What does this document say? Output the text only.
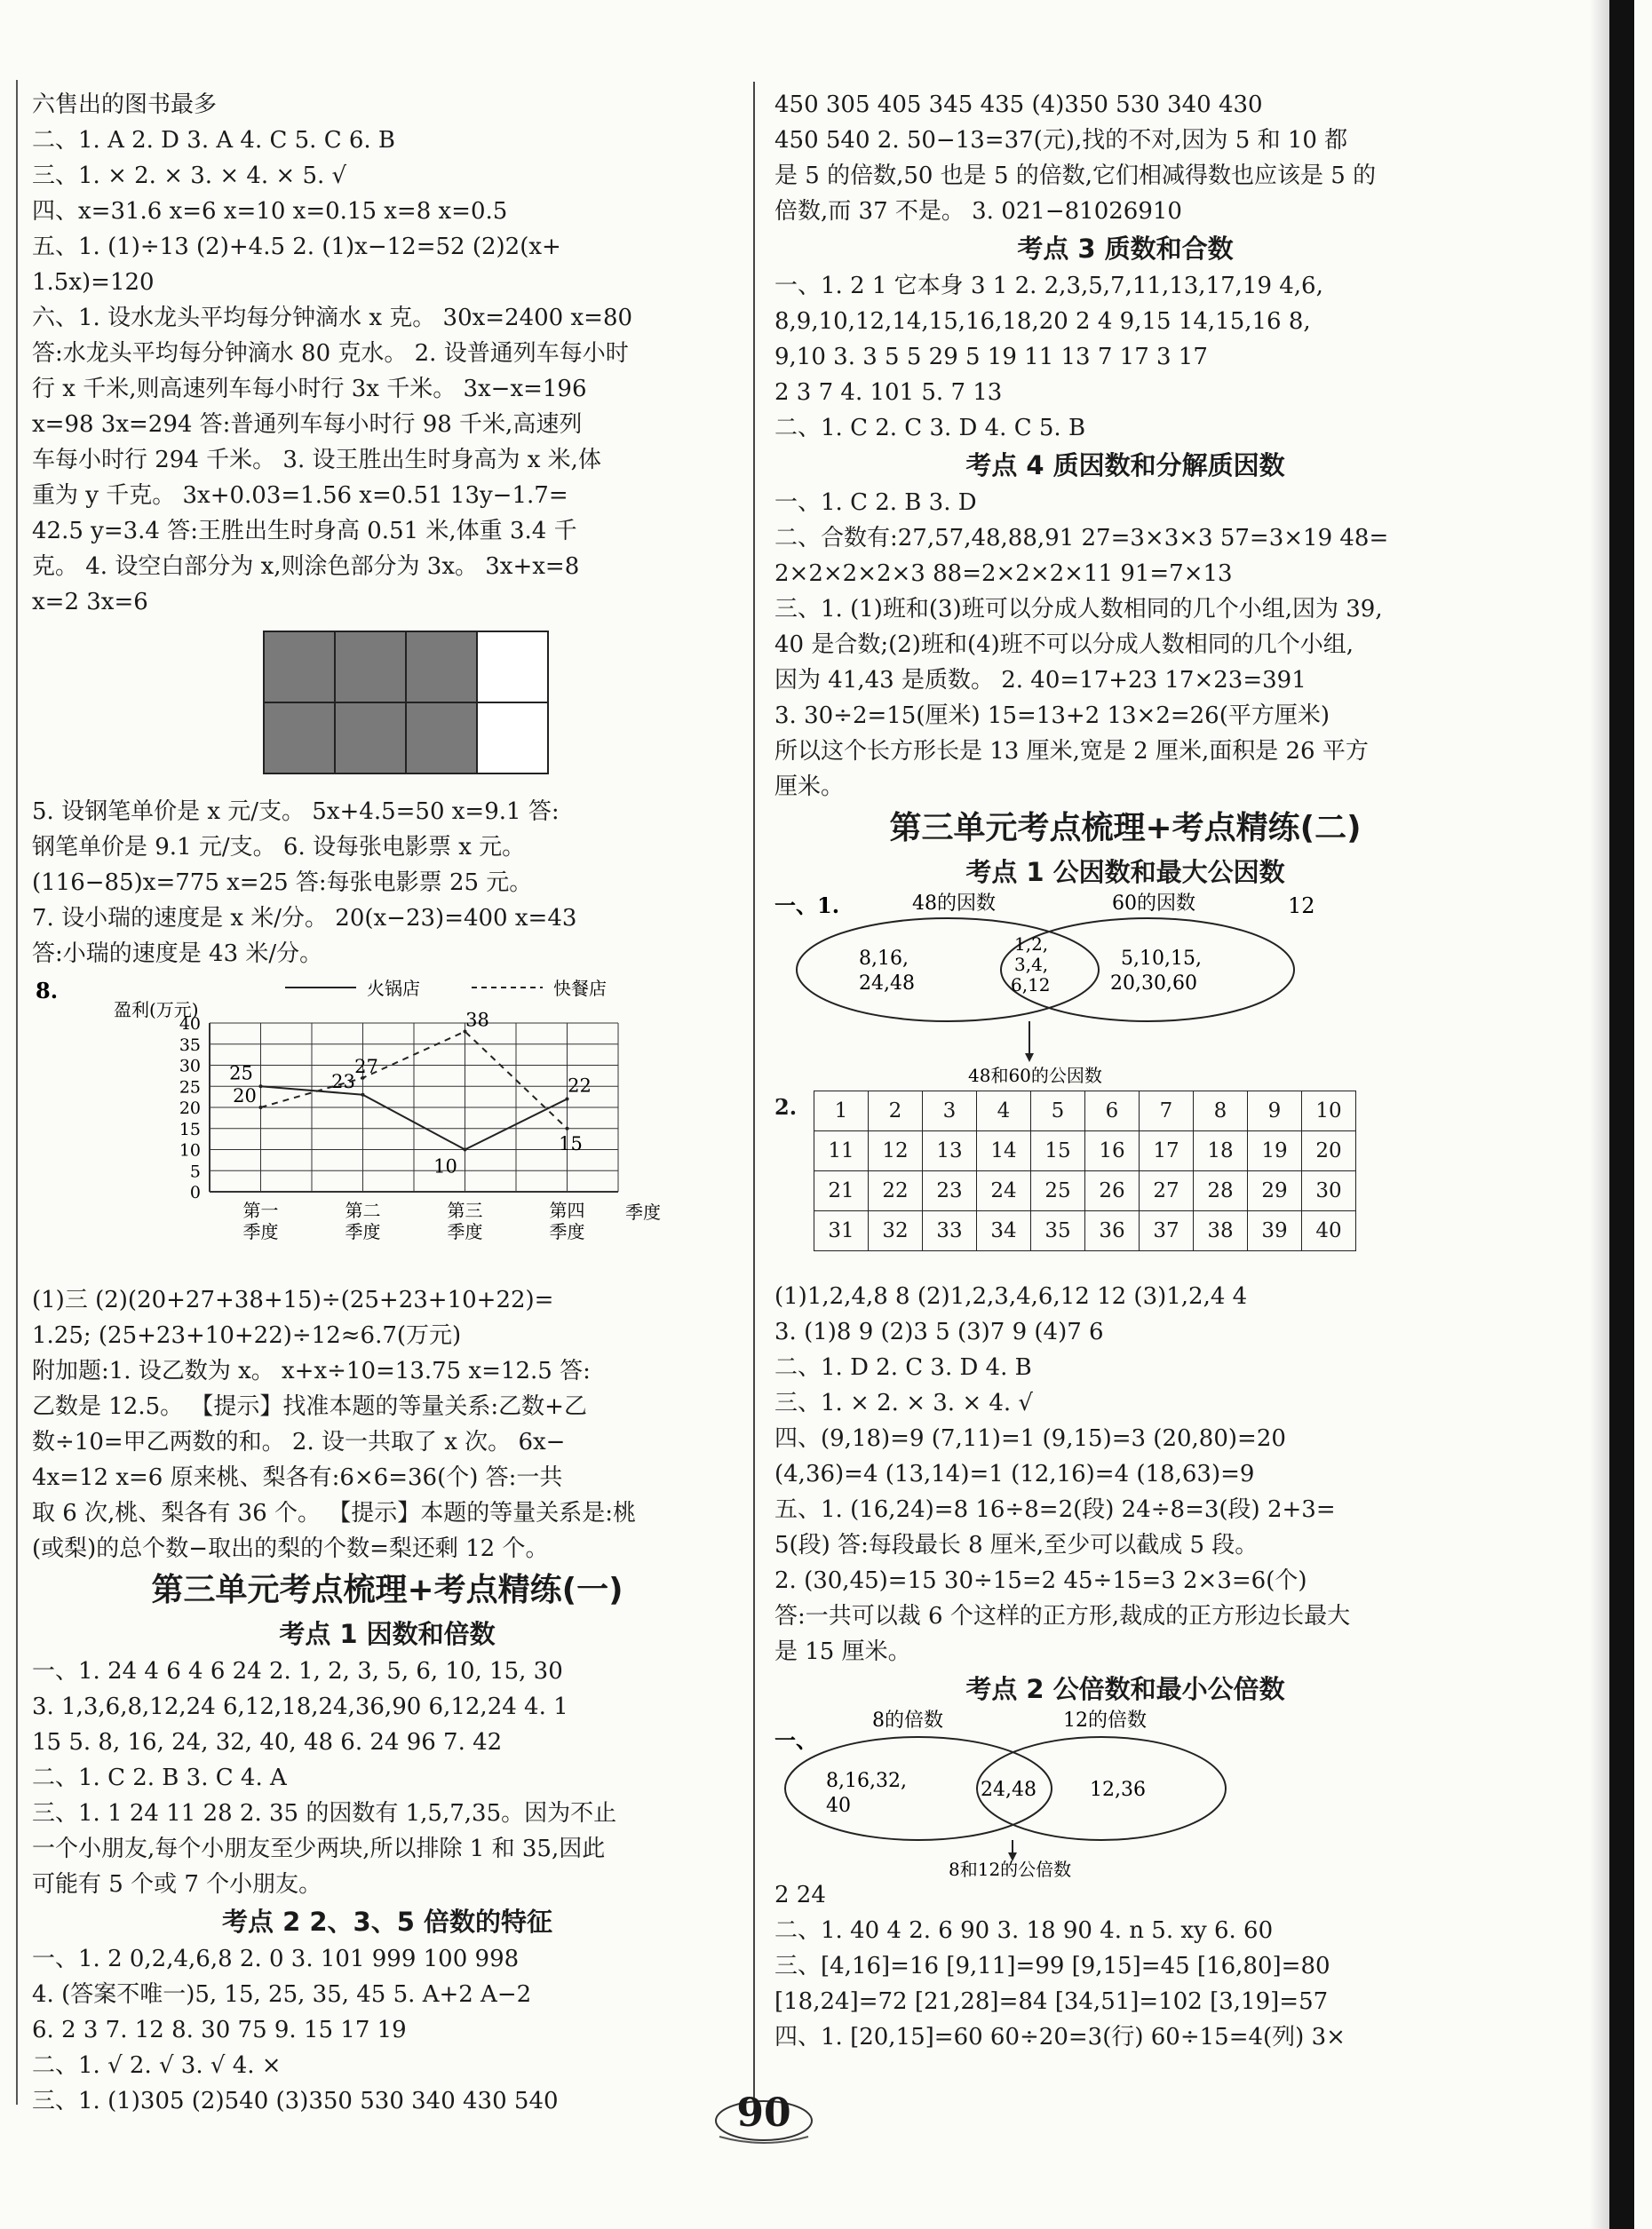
六售出的图书最多
二、1. A 2. D 3. A 4. C 5. C 6. B
三、1. × 2. × 3. × 4. × 5. √
四、x=31.6 x=6 x=10 x=0.15 x=8 x=0.5
五、1. (1)÷13 (2)+4.5 2. (1)x−12=52 (2)2(x+
1.5x)=120
六、1. 设水龙头平均每分钟滴水 x 克。 30x=2400 x=80
答:水龙头平均每分钟滴水 80 克水。 2. 设普通列车每小时
行 x 千米,则高速列车每小时行 3x 千米。 3x−x=196
x=98 3x=294 答:普通列车每小时行 98 千米,高速列
车每小时行 294 千米。 3. 设王胜出生时身高为 x 米,体
重为 y 千克。 3x+0.03=1.56 x=0.51 13y−1.7=
42.5 y=3.4 答:王胜出生时身高 0.51 米,体重 3.4 千
克。 4. 设空白部分为 x,则涂色部分为 3x。 3x+x=8
x=2 3x=6
5. 设钢笔单价是 x 元/支。 5x+4.5=50 x=9.1 答:
钢笔单价是 9.1 元/支。 6. 设每张电影票 x 元。
(116−85)x=775 x=25 答:每张电影票 25 元。
7. 设小瑞的速度是 x 米/分。 20(x−23)=400 x=43
答:小瑞的速度是 43 米/分。
8.
盈利(万元)
火锅店	快餐店
0
5
10
15
20
25
30
35
40
第一
季度
第二
季度
第三
季度
第四
季度
季度
25	23
10
22
20
27
38
15
(1)三 (2)(20+27+38+15)÷(25+23+10+22)=
1.25; (25+23+10+22)÷12≈6.7(万元)
附加题:1. 设乙数为 x。 x+x÷10=13.75 x=12.5 答:
乙数是 12.5。 【提示】找准本题的等量关系:乙数+乙
数÷10=甲乙两数的和。 2. 设一共取了 x 次。 6x−
4x=12 x=6 原来桃、梨各有:6×6=36(个) 答:一共
取 6 次,桃、梨各有 36 个。 【提示】本题的等量关系是:桃
(或梨)的总个数−取出的梨的个数=梨还剩 12 个。
第三单元考点梳理+考点精练(一)
考点 1 因数和倍数
一、1. 24 4 6 4 6 24 2. 1, 2, 3, 5, 6, 10, 15, 30
3. 1,3,6,8,12,24 6,12,18,24,36,90 6,12,24 4. 1
15 5. 8, 16, 24, 32, 40, 48 6. 24 96 7. 42
二、1. C 2. B 3. C 4. A
三、1. 1 24 11 28 2. 35 的因数有 1,5,7,35。因为不止
一个小朋友,每个小朋友至少两块,所以排除 1 和 35,因此
可能有 5 个或 7 个小朋友。
考点 2 2、3、5 倍数的特征
一、1. 2 0,2,4,6,8 2. 0 3. 101 999 100 998
4. (答案不唯一)5, 15, 25, 35, 45 5. A+2 A−2
6. 2 3 7. 12 8. 30 75 9. 15 17 19
二、1. √ 2. √ 3. √ 4. ×
三、1. (1)305 (2)540 (3)350 530 340 430 540
450 305 405 345 435 (4)350 530 340 430
450 540 2. 50−13=37(元),找的不对,因为 5 和 10 都
是 5 的倍数,50 也是 5 的倍数,它们相减得数也应该是 5 的
倍数,而 37 不是。 3. 021−81026910
考点 3 质数和合数
一、1. 2 1 它本身 3 1 2. 2,3,5,7,11,13,17,19 4,6,
8,9,10,12,14,15,16,18,20 2 4 9,15 14,15,16 8,
9,10 3. 3 5 5 29 5 19 11 13 7 17 3 17
2 3 7 4. 101 5. 7 13
二、1. C 2. C 3. D 4. C 5. B
考点 4 质因数和分解质因数
一、1. C 2. B 3. D
二、合数有:27,57,48,88,91 27=3×3×3 57=3×19 48=
2×2×2×2×3 88=2×2×2×11 91=7×13
三、1. (1)班和(3)班可以分成人数相同的几个小组,因为 39,
40 是合数;(2)班和(4)班不可以分成人数相同的几个小组,
因为 41,43 是质数。 2. 40=17+23 17×23=391
3. 30÷2=15(厘米) 15=13+2 13×2=26(平方厘米)
所以这个长方形长是 13 厘米,宽是 2 厘米,面积是 26 平方
厘米。
第三单元考点梳理+考点精练(二)
考点 1 公因数和最大公因数
一、1.	48的因数	60的因数	12
8,16,
24,48
1,2,
3,4,
6,12
5,10,15,
20,30,60
48和60的公因数
2.	1	2	3	4	5	6	7	8	9	10
11	12	13	14	15	16	17	18	19	20
21	22	23	24	25	26	27	28	29	30
31	32	33	34	35	36	37	38	39	40
(1)1,2,4,8 8 (2)1,2,3,4,6,12 12 (3)1,2,4 4
3. (1)8 9 (2)3 5 (3)7 9 (4)7 6
二、1. D 2. C 3. D 4. B
三、1. × 2. × 3. × 4. √
四、(9,18)=9 (7,11)=1 (9,15)=3 (20,80)=20
(4,36)=4 (13,14)=1 (12,16)=4 (18,63)=9
五、1. (16,24)=8 16÷8=2(段) 24÷8=3(段) 2+3=
5(段) 答:每段最长 8 厘米,至少可以截成 5 段。
2. (30,45)=15 30÷15=2 45÷15=3 2×3=6(个)
答:一共可以裁 6 个这样的正方形,裁成的正方形边长最大
是 15 厘米。
考点 2 公倍数和最小公倍数
一、
8的倍数	12的倍数
8,16,32,
40
24,48	12,36
8和12的公倍数
2 24
二、1. 40 4 2. 6 90 3. 18 90 4. n 5. xy 6. 60
三、[4,16]=16 [9,11]=99 [9,15]=45 [16,80]=80
[18,24]=72 [21,28]=84 [34,51]=102 [3,19]=57
四、1. [20,15]=60 60÷20=3(行) 60÷15=4(列) 3×
90
